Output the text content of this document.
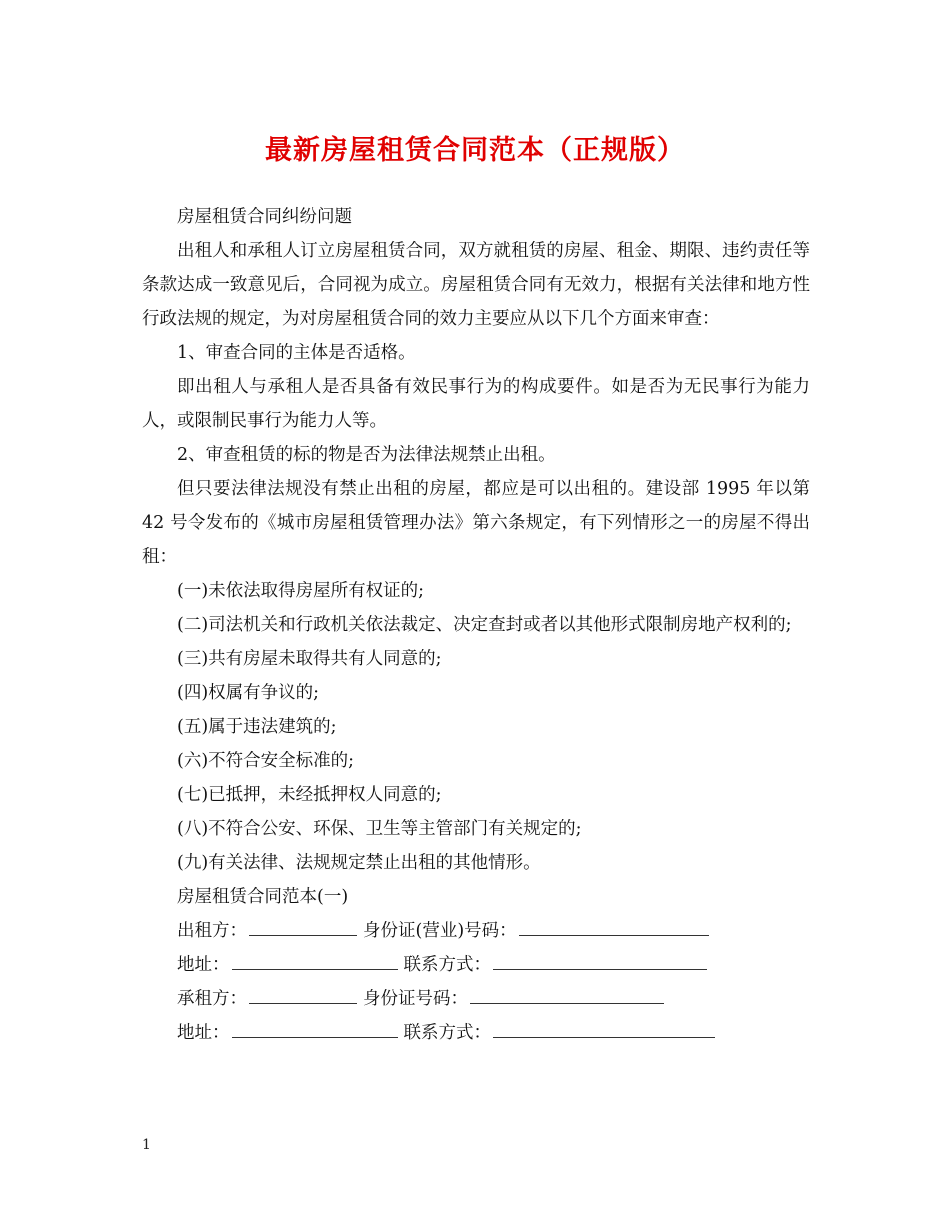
最新房屋租赁合同范本（正规版）

房屋租赁合同纠纷问题

出租人和承租人订立房屋租赁合同，双方就租赁的房屋、租金、期限、违约责任等条款达成一致意见后，合同视为成立。房屋租赁合同有无效力，根据有关法律和地方性行政法规的规定，为对房屋租赁合同的效力主要应从以下几个方面来审查：

1、审查合同的主体是否适格。

即出租人与承租人是否具备有效民事行为的构成要件。如是否为无民事行为能力人，或限制民事行为能力人等。

2、审查租赁的标的物是否为法律法规禁止出租。

但只要法律法规没有禁止出租的房屋，都应是可以出租的。建设部 1995 年以第 42 号令发布的《城市房屋租赁管理办法》第六条规定，有下列情形之一的房屋不得出租：

(一)未依法取得房屋所有权证的;

(二)司法机关和行政机关依法裁定、决定查封或者以其他形式限制房地产权利的;

(三)共有房屋未取得共有人同意的;

(四)权属有争议的;

(五)属于违法建筑的;

(六)不符合安全标准的;

(七)已抵押，未经抵押权人同意的;

(八)不符合公安、环保、卫生等主管部门有关规定的;

(九)有关法律、法规规定禁止出租的其他情形。

房屋租赁合同范本(一)

出租方：	身份证(营业)号码：
地址：	联系方式：
承租方：	身份证号码：
地址：	联系方式：
1
